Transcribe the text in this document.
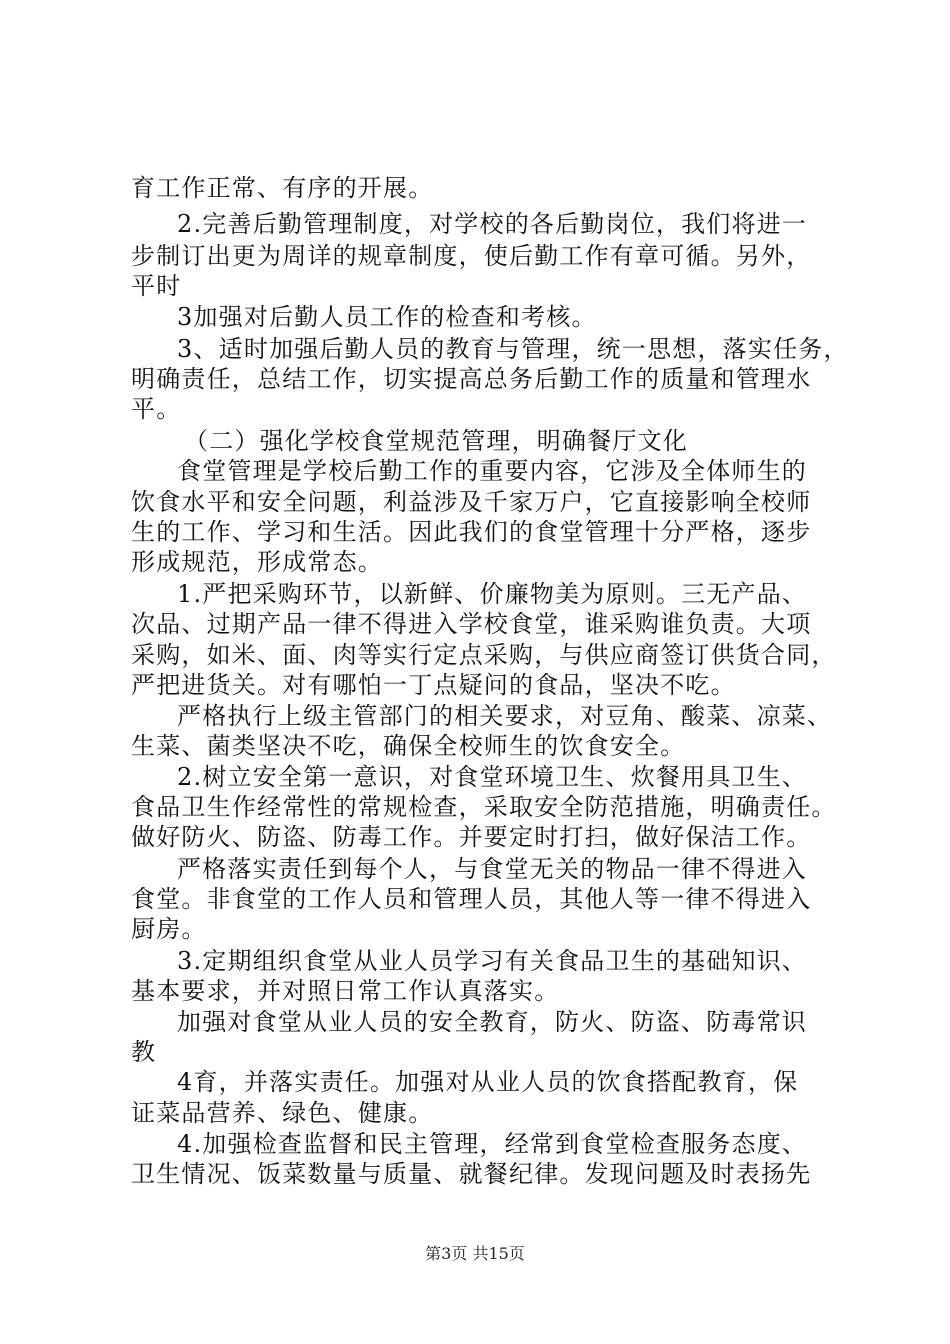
育工作正常、有序的开展。
2.完善后勤管理制度，对学校的各后勤岗位，我们将进一
步制订出更为周详的规章制度，使后勤工作有章可循。另外，
平时
3加强对后勤人员工作的检查和考核。
3、适时加强后勤人员的教育与管理，统一思想，落实任务，
明确责任，总结工作，切实提高总务后勤工作的质量和管理水
平。
（二）强化学校食堂规范管理，明确餐厅文化
食堂管理是学校后勤工作的重要内容，它涉及全体师生的
饮食水平和安全问题，利益涉及千家万户，它直接影响全校师
生的工作、学习和生活。因此我们的食堂管理十分严格，逐步
形成规范，形成常态。
1.严把采购环节，以新鲜、价廉物美为原则。三无产品、
次品、过期产品一律不得进入学校食堂，谁采购谁负责。大项
采购，如米、面、肉等实行定点采购，与供应商签订供货合同，
严把进货关。对有哪怕一丁点疑问的食品，坚决不吃。
严格执行上级主管部门的相关要求，对豆角、酸菜、凉菜、
生菜、菌类坚决不吃，确保全校师生的饮食安全。
2.树立安全第一意识，对食堂环境卫生、炊餐用具卫生、
食品卫生作经常性的常规检查，采取安全防范措施，明确责任。
做好防火、防盗、防毒工作。并要定时打扫，做好保洁工作。
严格落实责任到每个人，与食堂无关的物品一律不得进入
食堂。非食堂的工作人员和管理人员，其他人等一律不得进入
厨房。
3.定期组织食堂从业人员学习有关食品卫生的基础知识、
基本要求，并对照日常工作认真落实。
加强对食堂从业人员的安全教育，防火、防盗、防毒常识
教
4育，并落实责任。加强对从业人员的饮食搭配教育，保
证菜品营养、绿色、健康。
4.加强检查监督和民主管理，经常到食堂检查服务态度、
卫生情况、饭菜数量与质量、就餐纪律。发现问题及时表扬先
第3页 共15页
